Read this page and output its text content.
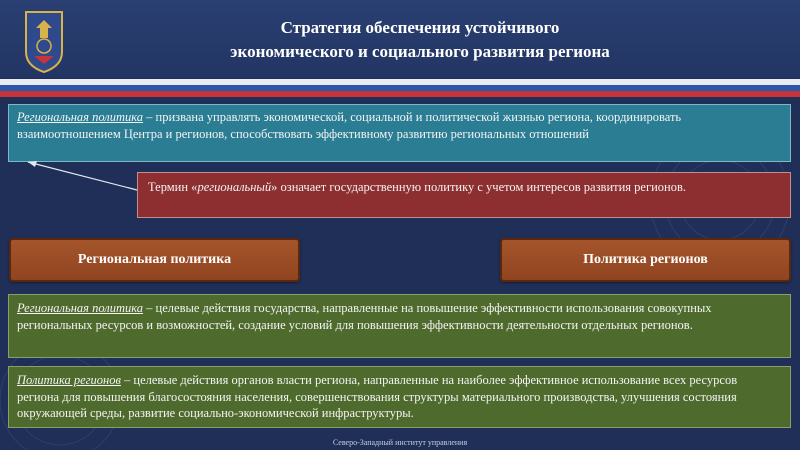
Стратегия обеспечения устойчивого
экономического и социального развития региона
Региональная политика – призвана управлять экономической, социальной и политической жизнью региона, координировать взаимоотношением Центра и регионов, способствовать эффективному развитию региональных отношений
Термин «региональный» означает государственную политику с учетом интересов развития регионов.
Региональная политика	Политика регионов
Региональная политика – целевые действия государства, направленные на повышение эффективности использования совокупных региональных ресурсов и возможностей, создание условий для повышения эффективности деятельности отдельных регионов.
Политика регионов – целевые действия органов власти региона, направленные на наиболее эффективное использование всех ресурсов региона для повышения благосостояния населения, совершенствования структуры материального производства, улучшения состояния окружающей среды, развитие социально-экономической инфраструктуры.
Северо-Западный институт управления
